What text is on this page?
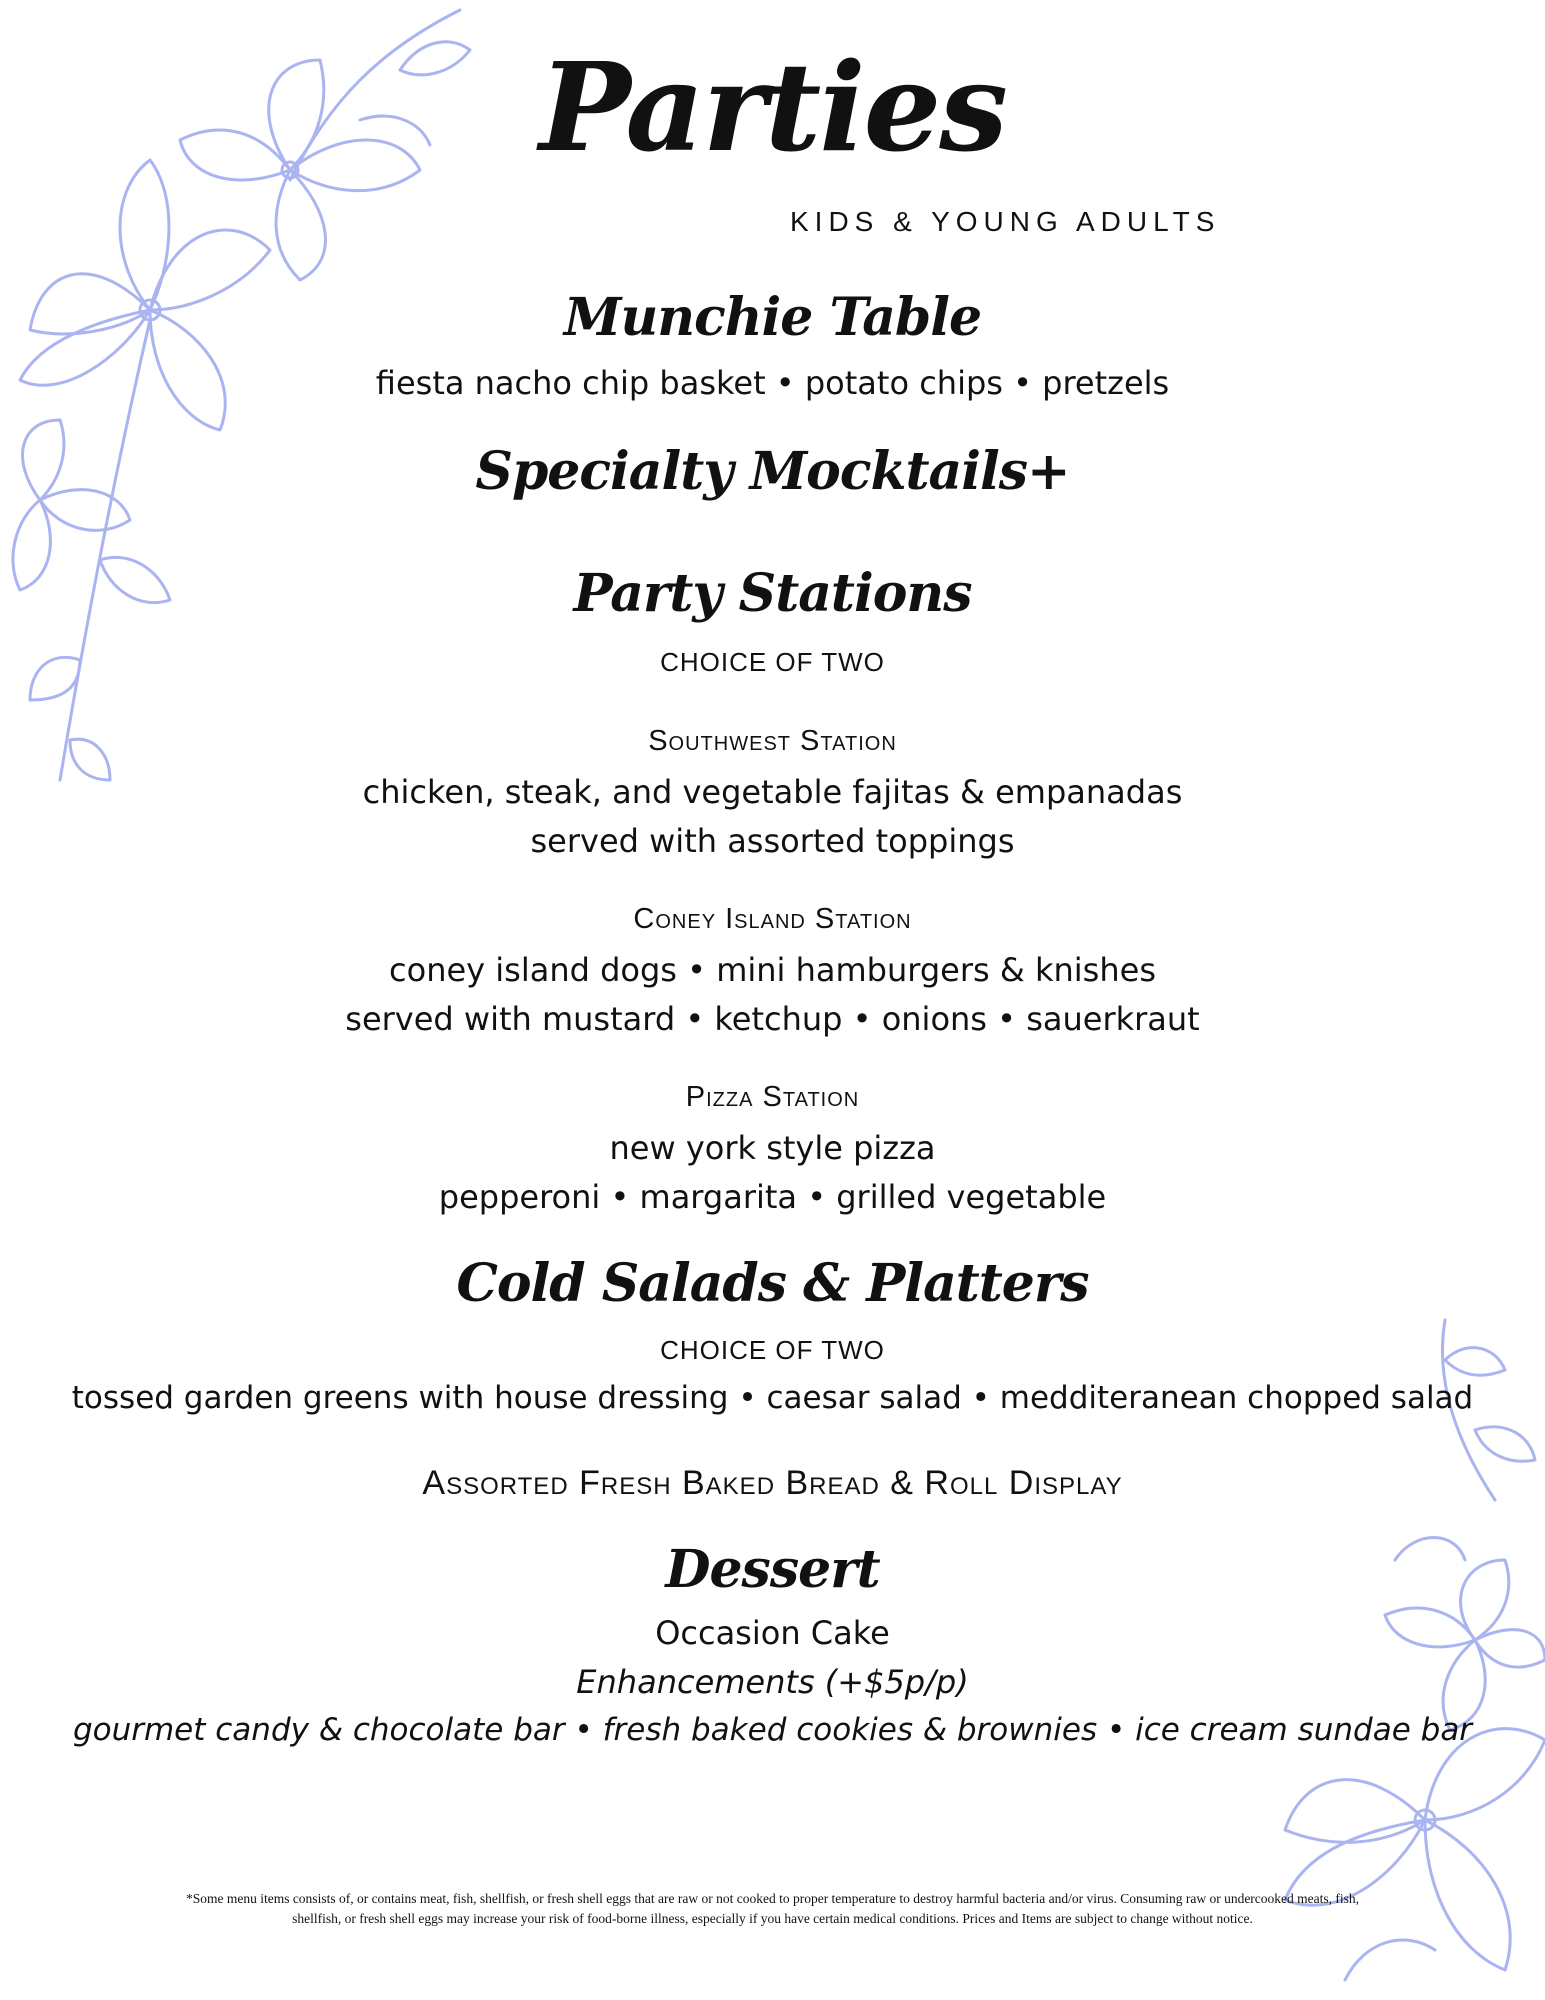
Parties
KIDS & YOUNG ADULTS
Munchie Table
fiesta nacho chip basket • potato chips • pretzels
Specialty Mocktails+
Party Stations
CHOICE OF TWO
Southwest Station
chicken, steak, and vegetable fajitas & empanadas
served with assorted toppings
Coney Island Station
coney island dogs • mini hamburgers & knishes
served with mustard • ketchup • onions • sauerkraut
Pizza Station
new york style pizza
pepperoni • margarita • grilled vegetable
Cold Salads & Platters
CHOICE OF TWO
tossed garden greens with house dressing • caesar salad • medditeranean chopped salad
Assorted Fresh Baked Bread & Roll Display
Dessert
Occasion Cake
Enhancements (+$5p/p)
gourmet candy & chocolate bar • fresh baked cookies & brownies • ice cream sundae bar
*Some menu items consists of, or contains meat, fish, shellfish, or fresh shell eggs that are raw or not cooked to proper temperature to destroy harmful bacteria and/or virus. Consuming raw or undercooked meats, fish, shellfish, or fresh shell eggs may increase your risk of food-borne illness, especially if you have certain medical conditions. Prices and Items are subject to change without notice.
